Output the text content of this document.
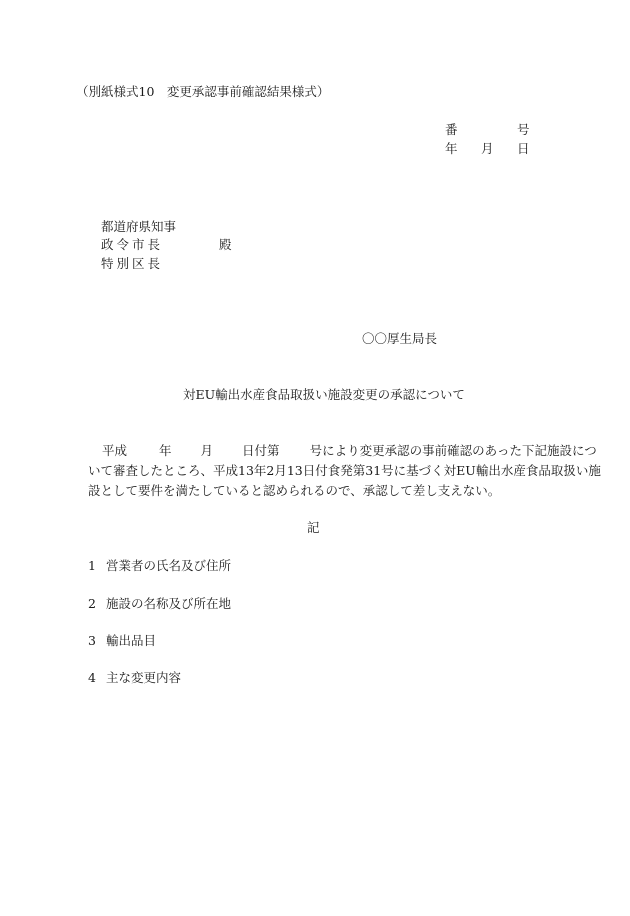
（別紙様式10　変更承認事前確認結果様式）
番	号
年 月 日
都道府県知事
政令市長	殿
特別区長
〇〇厚生局長
対EU輸出水産食品取扱い施設変更の承認について
平成	年 月 日付第 号により変更承認の事前確認のあった下記施設につ
いて審査したところ、平成13年2月13日付食発第31号に基づく対EU輸出水産食品取扱い施
設として要件を満たしていると認められるので、承認して差し支えない。
記
1 営業者の氏名及び住所
2 施設の名称及び所在地
3 輸出品目
4 主な変更内容
